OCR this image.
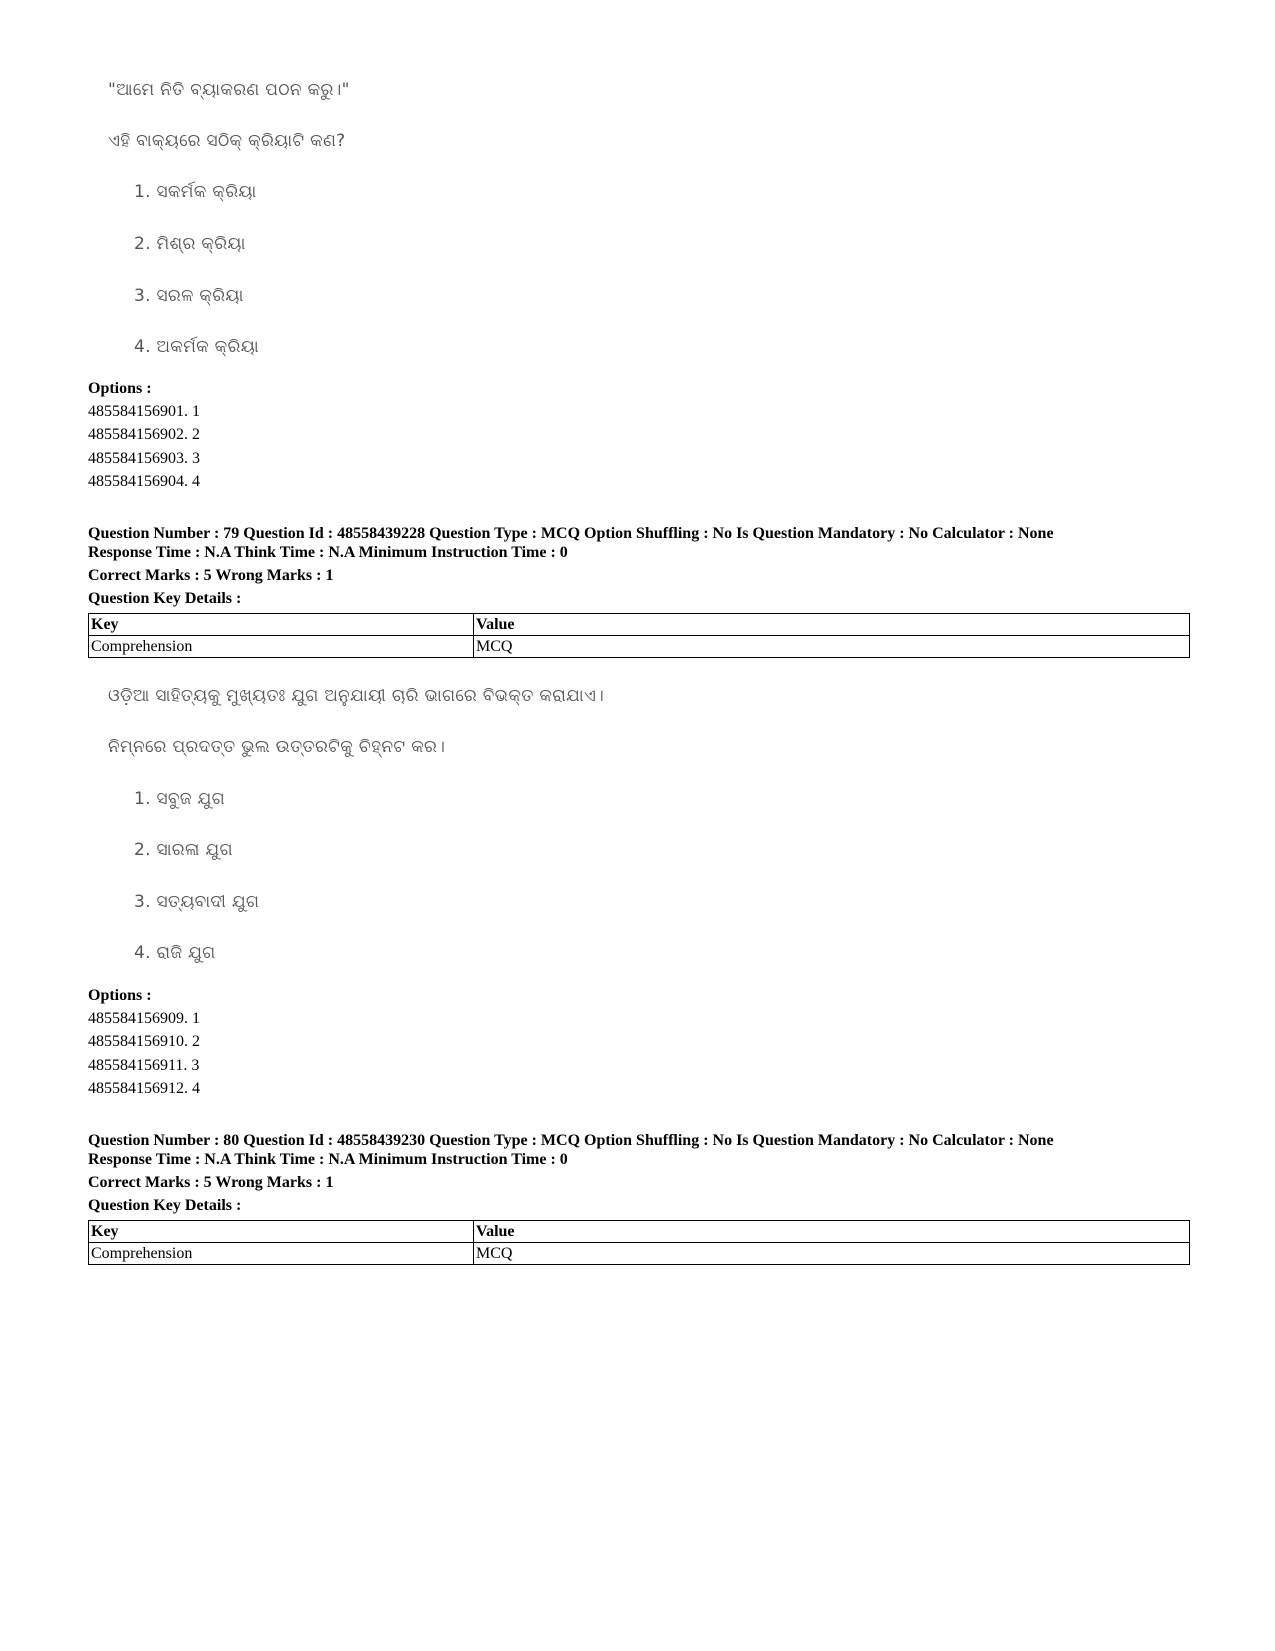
"ଆମେ ନିତି ବ୍ୟାକରଣ ପଠନ କରୁ।"
ଏହି ବାକ୍ୟରେ ସଠିକ୍ କ୍ରିୟାଟି କଣ?
1. ସକର୍ମକ କ୍ରିୟା
2. ମିଶ୍ର କ୍ରିୟା
3. ସରଳ କ୍ରିୟା
4. ଅକର୍ମକ କ୍ରିୟା
Options :
485584156901. 1
485584156902. 2
485584156903. 3
485584156904. 4
Question Number : 79 Question Id : 48558439228 Question Type : MCQ Option Shuffling : No Is Question Mandatory : No Calculator : None
Response Time : N.A Think Time : N.A Minimum Instruction Time : 0
Correct Marks : 5 Wrong Marks : 1
Question Key Details :
Key	Value
Comprehension	MCQ
ଓଡ଼ିଆ ସାହିତ୍ୟକୁ ମୁଖ୍ୟତଃ ଯୁଗ ଅନୁଯାୟୀ ଚାରି ଭାଗରେ ବିଭକ୍ତ କରାଯାଏ।
ନିମ୍ନରେ ପ୍ରଦତ୍ତ ଭୁଲ ଉତ୍ତରଟିକୁ ଚିହ୍ନଟ କର।
1. ସବୁଜ ଯୁଗ
2. ସାରଳା ଯୁଗ
3. ସତ୍ୟବାଦୀ ଯୁଗ
4. ରାଜି ଯୁଗ
Options :
485584156909. 1
485584156910. 2
485584156911. 3
485584156912. 4
Question Number : 80 Question Id : 48558439230 Question Type : MCQ Option Shuffling : No Is Question Mandatory : No Calculator : None
Response Time : N.A Think Time : N.A Minimum Instruction Time : 0
Correct Marks : 5 Wrong Marks : 1
Question Key Details :
Key	Value
Comprehension	MCQ
